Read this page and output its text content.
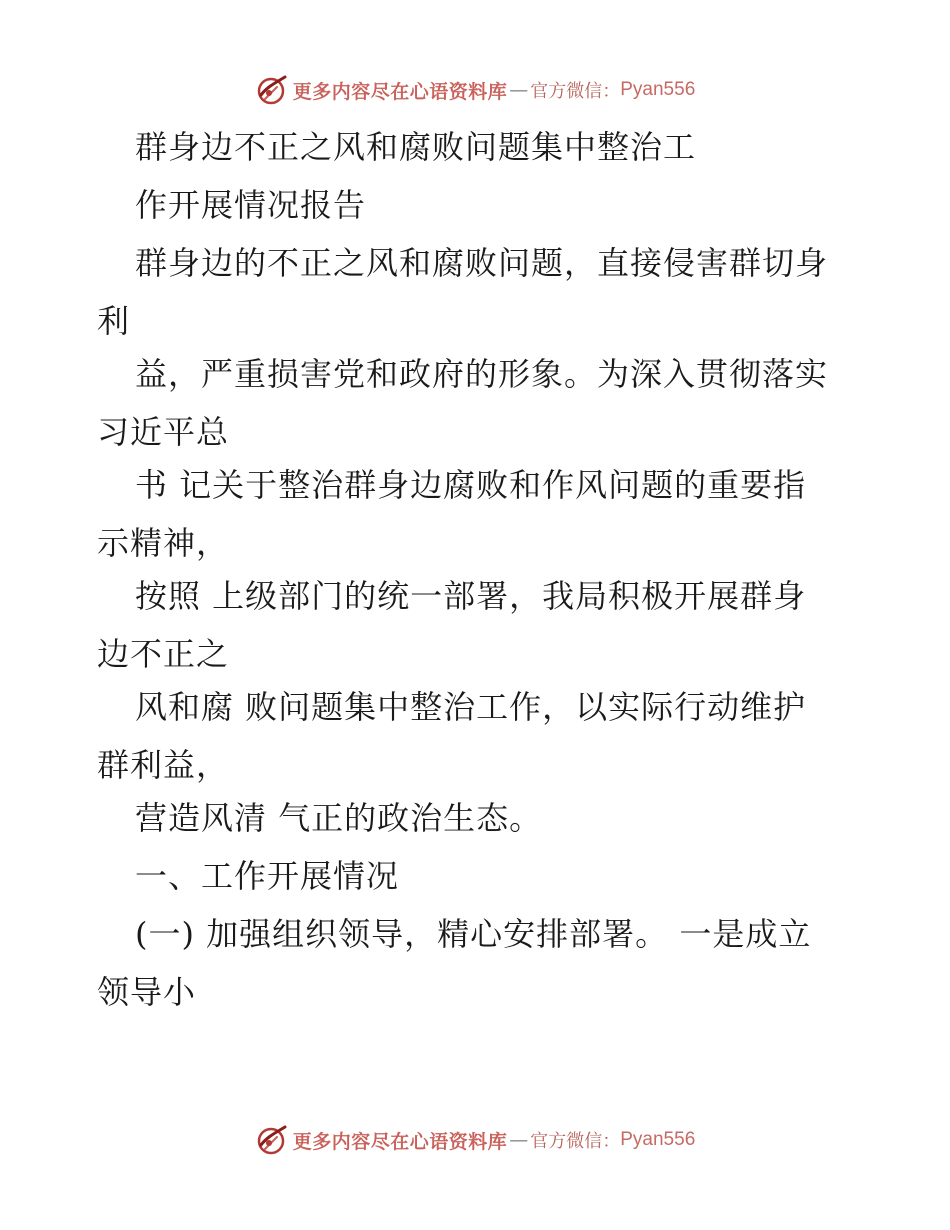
更多内容尽在心语资料库 — 官方微信： Pyan556
群身边不正之风和腐败问题集中整治工
作开展情况报告
群身边的不正之风和腐败问题，直接侵害群切身
利
益，严重损害党和政府的形象。为深入贯彻落实
习近平总
书 记关于整治群身边腐败和作风问题的重要指
示精神，
按照 上级部门的统一部署，我局积极开展群身
边不正之
风和腐 败问题集中整治工作，以实际行动维护
群利益，
营造风清 气正的政治生态。
一、工作开展情况
(一) 加强组织领导，精心安排部署。 一是成立
领导小
更多内容尽在心语资料库 — 官方微信： Pyan556
